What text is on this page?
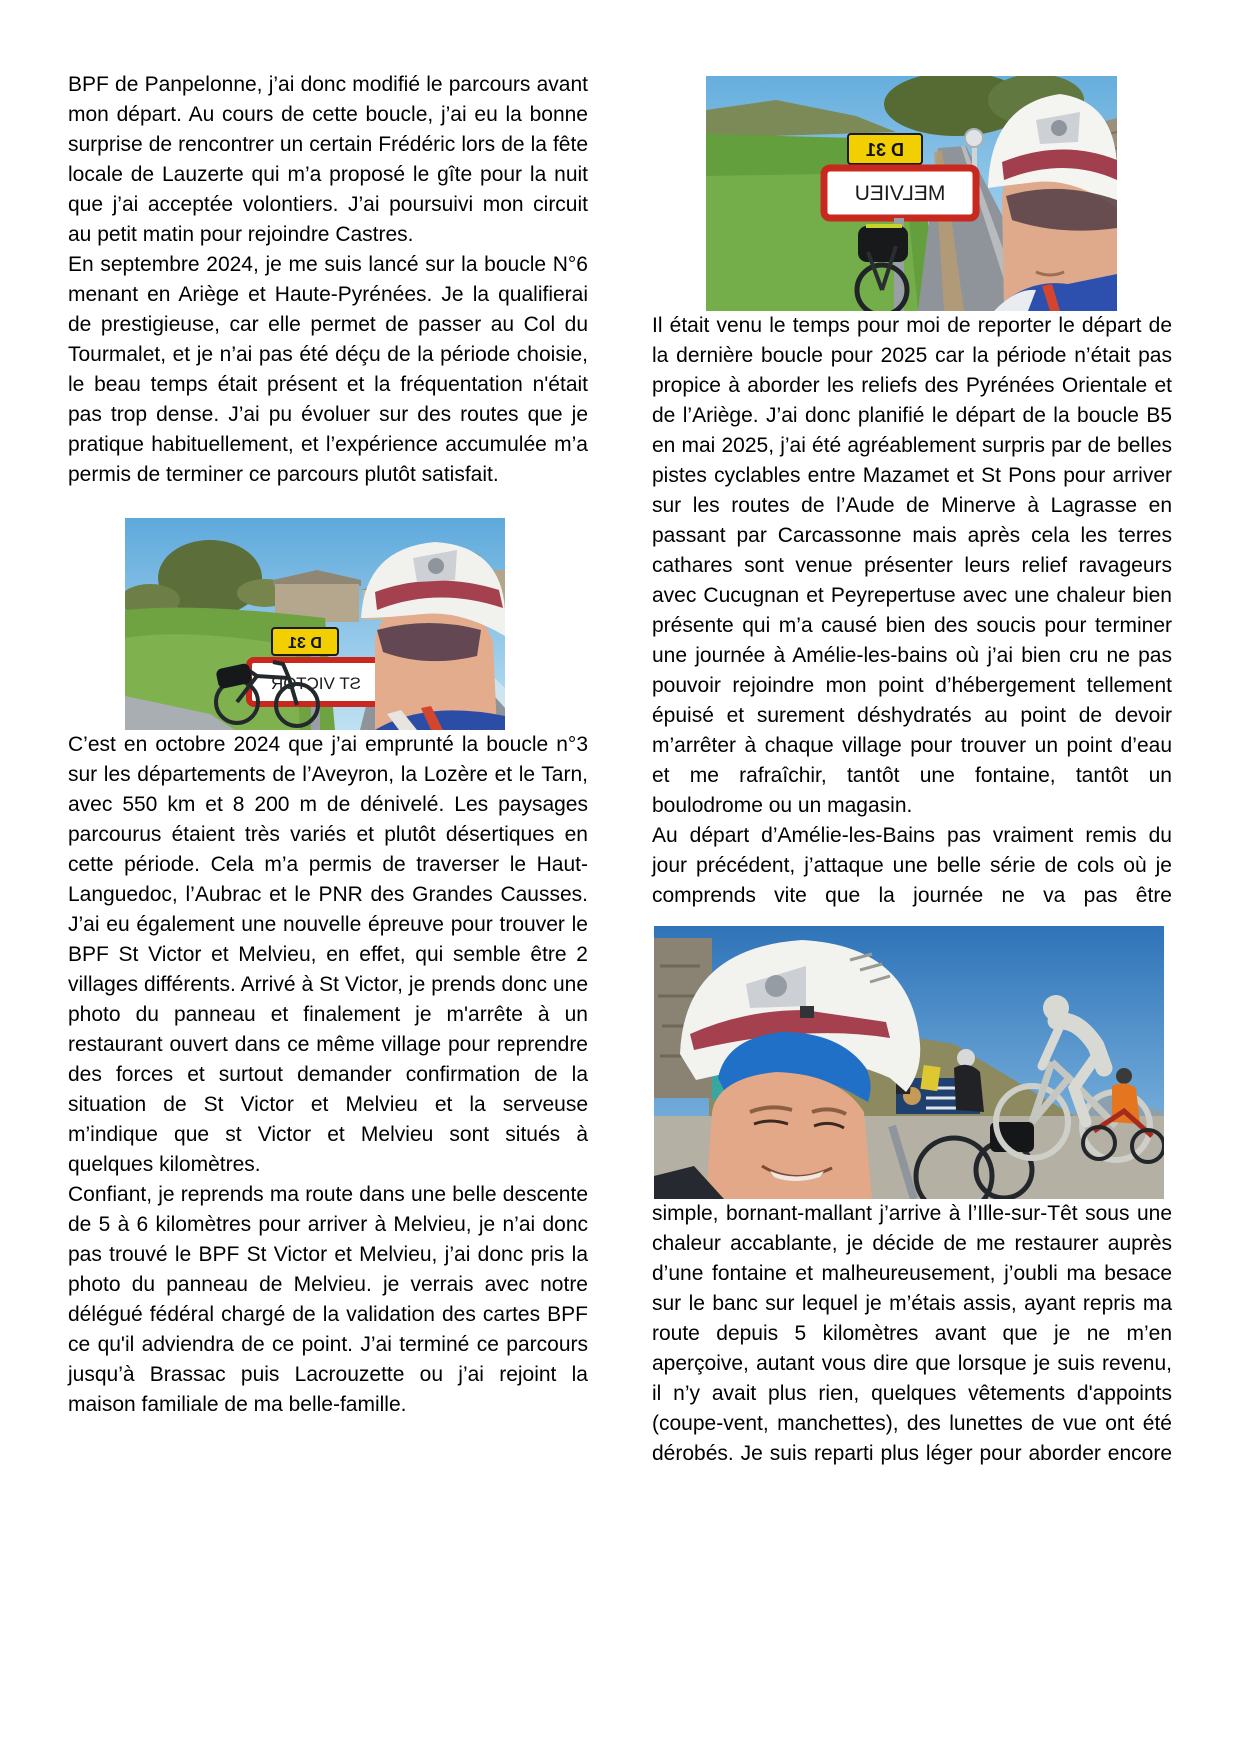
BPF de Panpelonne, j’ai donc modifié le parcours avant mon départ. Au cours de cette boucle, j’ai eu la bonne surprise de rencontrer un certain Frédéric lors de la fête locale de Lauzerte qui m’a proposé le gîte pour la nuit que j’ai acceptée volontiers. J’ai poursuivi mon circuit au petit matin pour rejoindre Castres.

En septembre 2024, je me suis lancé sur la boucle N°6 menant en Ariège et Haute-Pyrénées. Je la qualifierai de prestigieuse, car elle permet de passer au Col du Tourmalet, et je n’ai pas été déçu de la période choisie, le beau temps était présent et la fréquentation n'était pas trop dense. J’ai pu évoluer sur des routes que je pratique habituellement, et l’expérience accumulée m’a permis de terminer ce parcours plutôt satisfait.

D 31
ST VICTOR

C’est en octobre 2024 que j’ai emprunté la boucle n°3 sur les départements de l’Aveyron, la Lozère et le Tarn, avec 550 km et 8 200 m de dénivelé. Les paysages parcourus étaient très variés et plutôt désertiques en cette période. Cela m’a permis de traverser le Haut-Languedoc, l’Aubrac et le PNR des Grandes Causses. J’ai eu également une nouvelle épreuve pour trouver le BPF St Victor et Melvieu, en effet, qui semble être 2 villages différents. Arrivé à St Victor, je prends donc une photo du panneau et finalement je m'arrête à un restaurant ouvert dans ce même village pour reprendre des forces et surtout demander confirmation de la situation de St Victor et Melvieu et la serveuse m’indique que st Victor et Melvieu sont situés à quelques kilomètres.

Confiant, je reprends ma route dans une belle descente de 5 à 6 kilomètres pour arriver à Melvieu, je n’ai donc pas trouvé le BPF St Victor et Melvieu, j’ai donc pris la photo du panneau de Melvieu. je verrais avec notre délégué fédéral chargé de la validation des cartes BPF ce qu'il adviendra de ce point. J’ai terminé ce parcours jusqu’à Brassac puis Lacrouzette ou j’ai rejoint la maison familiale de ma belle-famille.

D 31
MELVIEU

Il était venu le temps pour moi de reporter le départ de la dernière boucle pour 2025 car la période n’était pas propice à aborder les reliefs des Pyrénées Orientale et de l’Ariège. J’ai donc planifié le départ de la boucle B5 en mai 2025, j’ai été agréablement surpris par de belles pistes cyclables entre Mazamet et St Pons pour arriver sur les routes de l’Aude de Minerve à Lagrasse en passant par Carcassonne mais après cela les terres cathares sont venue présenter leurs relief ravageurs avec Cucugnan et Peyrepertuse avec une chaleur bien présente qui m’a causé bien des soucis pour terminer une journée à Amélie-les-bains où j’ai bien cru ne pas pouvoir rejoindre mon point d’hébergement tellement épuisé et surement déshydratés au point de devoir m’arrêter à chaque village pour trouver un point d’eau et me rafraîchir, tantôt une fontaine, tantôt un boulodrome ou un magasin.

Au départ d’Amélie-les-Bains pas vraiment remis du jour précédent, j’attaque une belle série de cols où je comprends vite que la journée ne va pas être

simple, bornant-mallant j’arrive à l’Ille-sur-Têt sous une chaleur accablante, je décide de me restaurer auprès d’une fontaine et malheureusement, j’oubli ma besace sur le banc sur lequel je m’étais assis, ayant repris ma route depuis 5 kilomètres avant que je ne m’en aperçoive, autant vous dire que lorsque je suis revenu, il n’y avait plus rien, quelques vêtements d'appoints (coupe-vent, manchettes), des lunettes de vue ont été dérobés. Je suis reparti plus léger pour aborder encore
